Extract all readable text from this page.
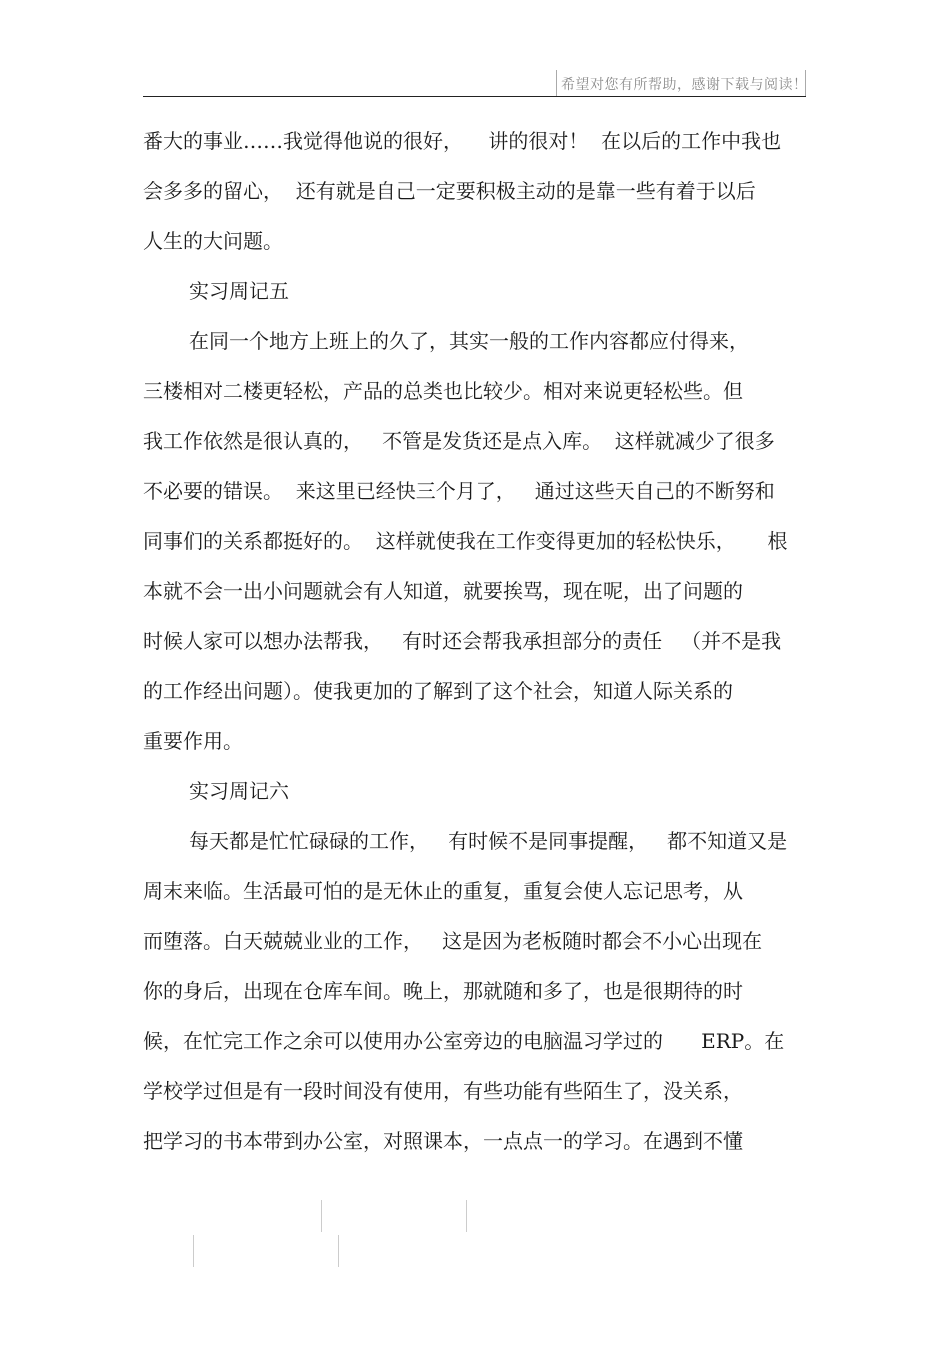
希望对您有所帮助，感谢下载与阅读！
番大的事业……我觉得他说的很好，    讲的很对！  在以后的工作中我也
会多多的留心，  还有就是自己一定要积极主动的是靠一些有着于以后
人生的大问题。
实习周记五
在同一个地方上班上的久了，其实一般的工作内容都应付得来，
三楼相对二楼更轻松，产品的总类也比较少。相对来说更轻松些。但
我工作依然是很认真的，   不管是发货还是点入库。  这样就减少了很多
不必要的错误。  来这里已经快三个月了，   通过这些天自己的不断努和
同事们的关系都挺好的。  这样就使我在工作变得更加的轻松快乐，     根
本就不会一出小问题就会有人知道，就要挨骂，现在呢，出了问题的
时候人家可以想办法帮我，   有时还会帮我承担部分的责任   （并不是我
的工作经出问题）。使我更加的了解到了这个社会，知道人际关系的
重要作用。
实习周记六
每天都是忙忙碌碌的工作，   有时候不是同事提醒，   都不知道又是
周末来临。生活最可怕的是无休止的重复，重复会使人忘记思考，从
而堕落。白天兢兢业业的工作，   这是因为老板随时都会不小心出现在
你的身后，出现在仓库车间。晚上，那就随和多了，也是很期待的时
候，在忙完工作之余可以使用办公室旁边的电脑温习学过的      ERP。在
学校学过但是有一段时间没有使用，有些功能有些陌生了，没关系，
把学习的书本带到办公室，对照课本，一点点一的学习。在遇到不懂
